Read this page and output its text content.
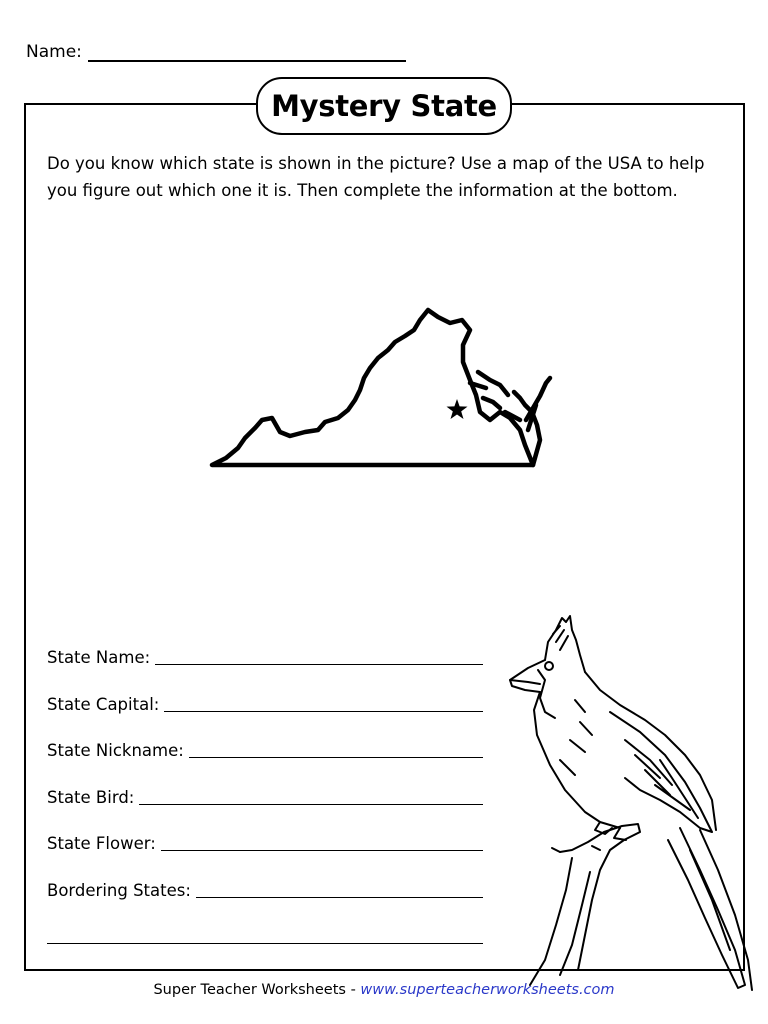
Name:
Mystery State

Do you know which state is shown in the picture? Use a map of the USA to help you figure out which one it is. Then complete the information at the bottom.

State Name:
State Capital:
State Nickname:
State Bird:
State Flower:
Bordering States:
Super Teacher Worksheets - www.superteacherworksheets.com
